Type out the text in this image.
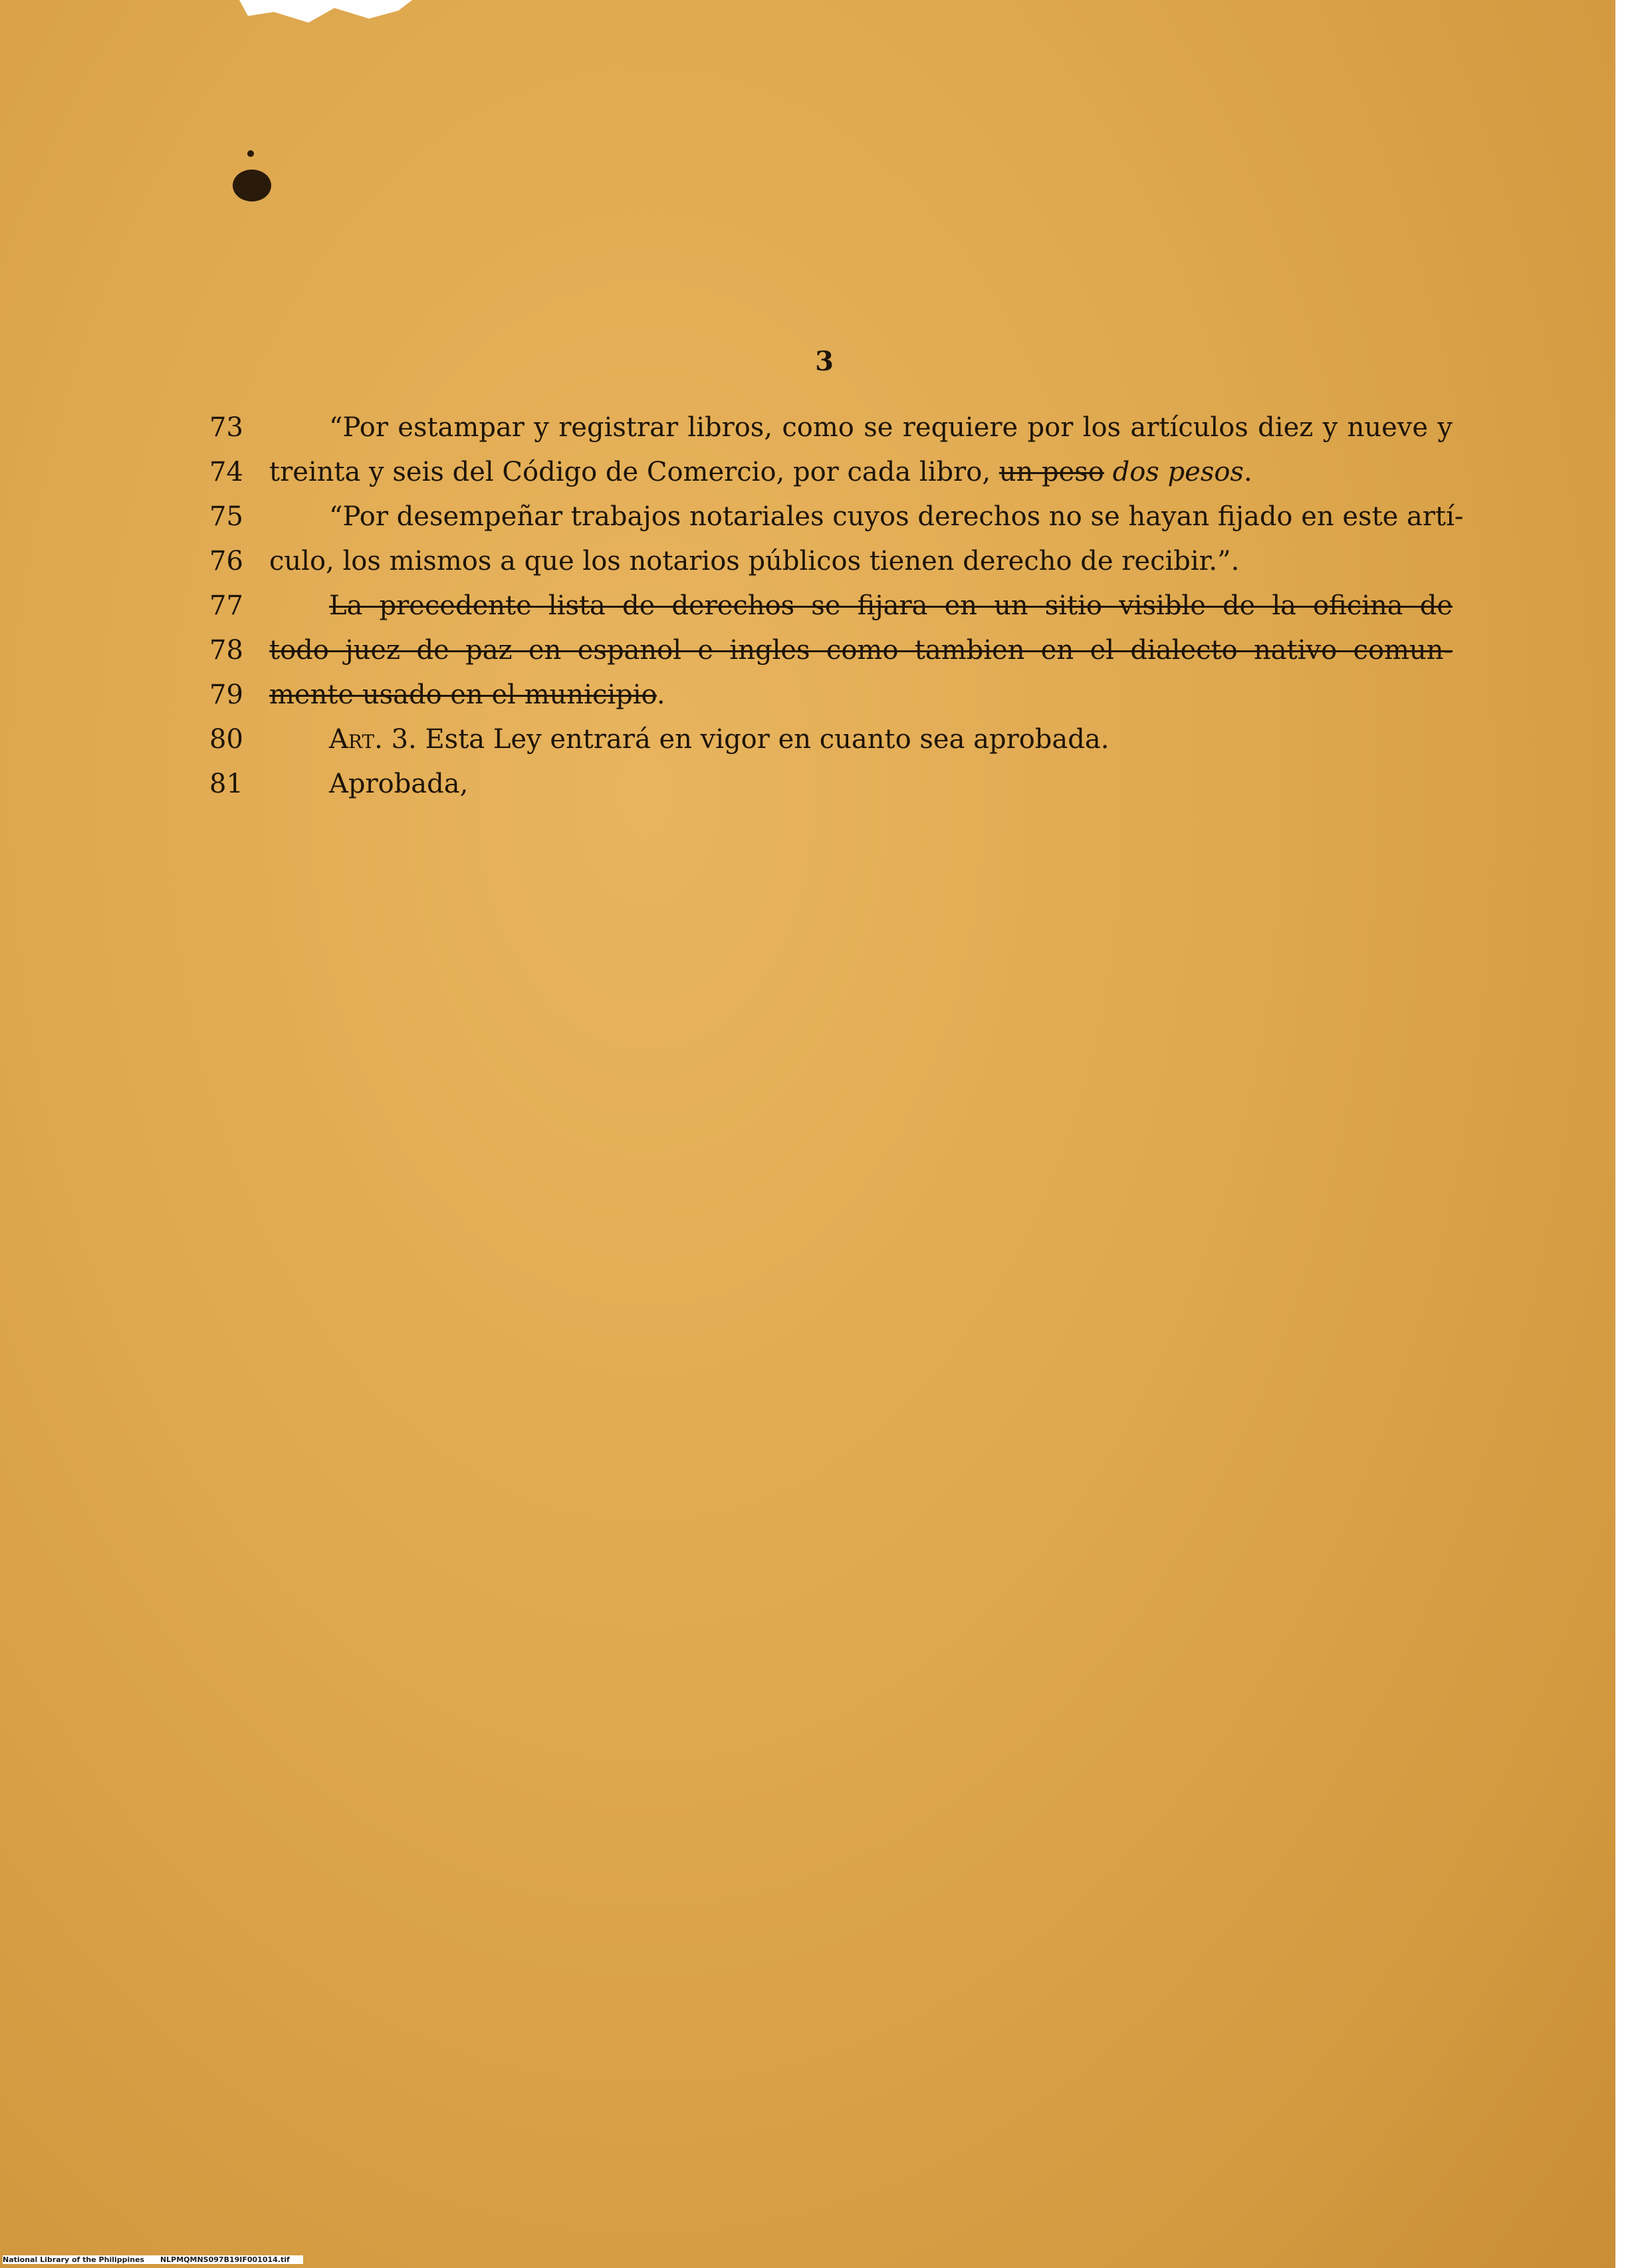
3
73	“Por estampar y registrar libros, como se requiere por los artículos diez y nueve y
74 treinta y seis del Código de Comercio, por cada libro, un peso dos pesos.
75	“Por desempeñar trabajos notariales cuyos derechos no se hayan fijado en este artí-
76 culo, los mismos a que los notarios públicos tienen derecho de recibir.”.
77	La precedente lista de derechos se fijara en un sitio visible de la oficina de
78 todo juez de paz en espanol e ingles como tambien en el dialecto nativo comun-
79 mente usado en el municipio.
80	Art. 3. Esta Ley entrará en vigor en cuanto sea aprobada.
81	Aprobada,
National Library of the Philippines NLPMQMNS097B19IF001014.tif
